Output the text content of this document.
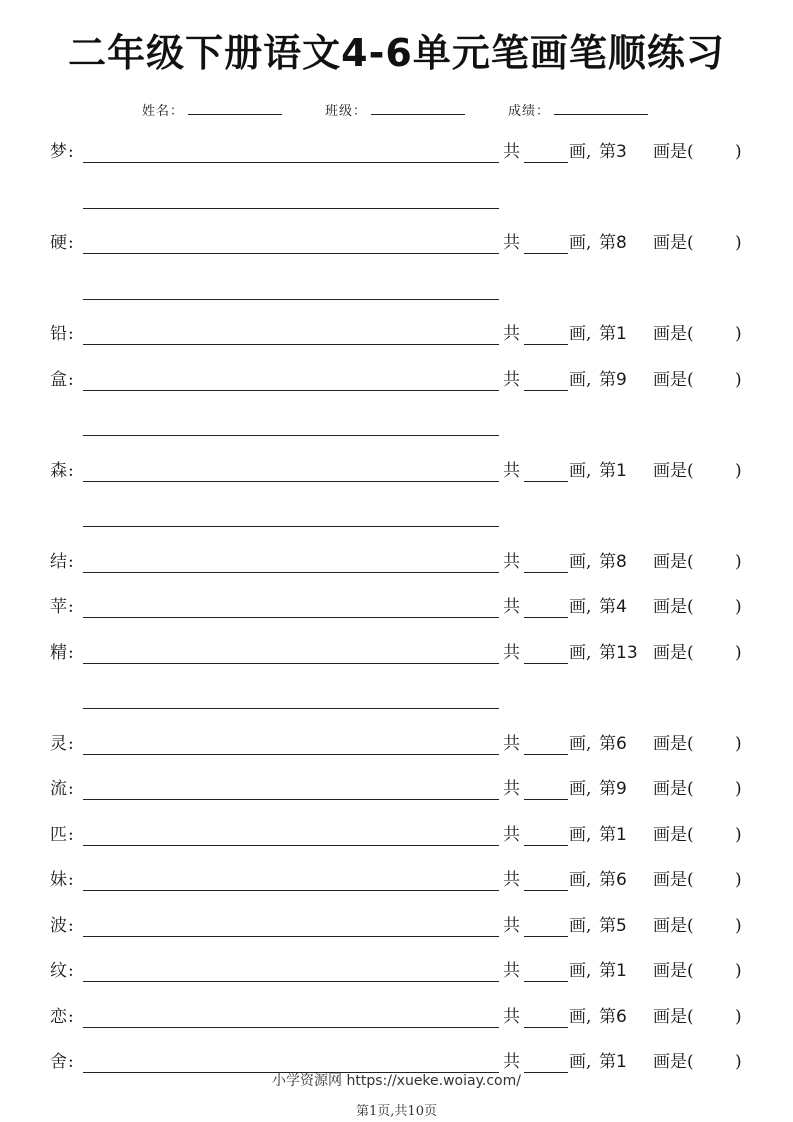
二年级下册语文4-6单元笔画笔顺练习
姓名：	班级：	成绩：
梦 :	共	画, 第3 画是( )
硬 :	共	画, 第8 画是( )
铅 :	共	画, 第1 画是( )
盒 :	共	画, 第9 画是( )
森 :	共	画, 第1 画是( )
结 :	共	画, 第8 画是( )
苹 :	共	画, 第4 画是( )
精 :	共	画, 第13 画是( )
灵 :	共	画, 第6 画是( )
流 :	共	画, 第9 画是( )
匹 :	共	画, 第1 画是( )
妹 :	共	画, 第6 画是( )
波 :	共	画, 第5 画是( )
纹 :	共	画, 第1 画是( )
恋 :	共	画, 第6 画是( )
舍 :	共	画, 第1 画是( )
小学资源网 https://xueke.woiay.com/
第1页,共10页
